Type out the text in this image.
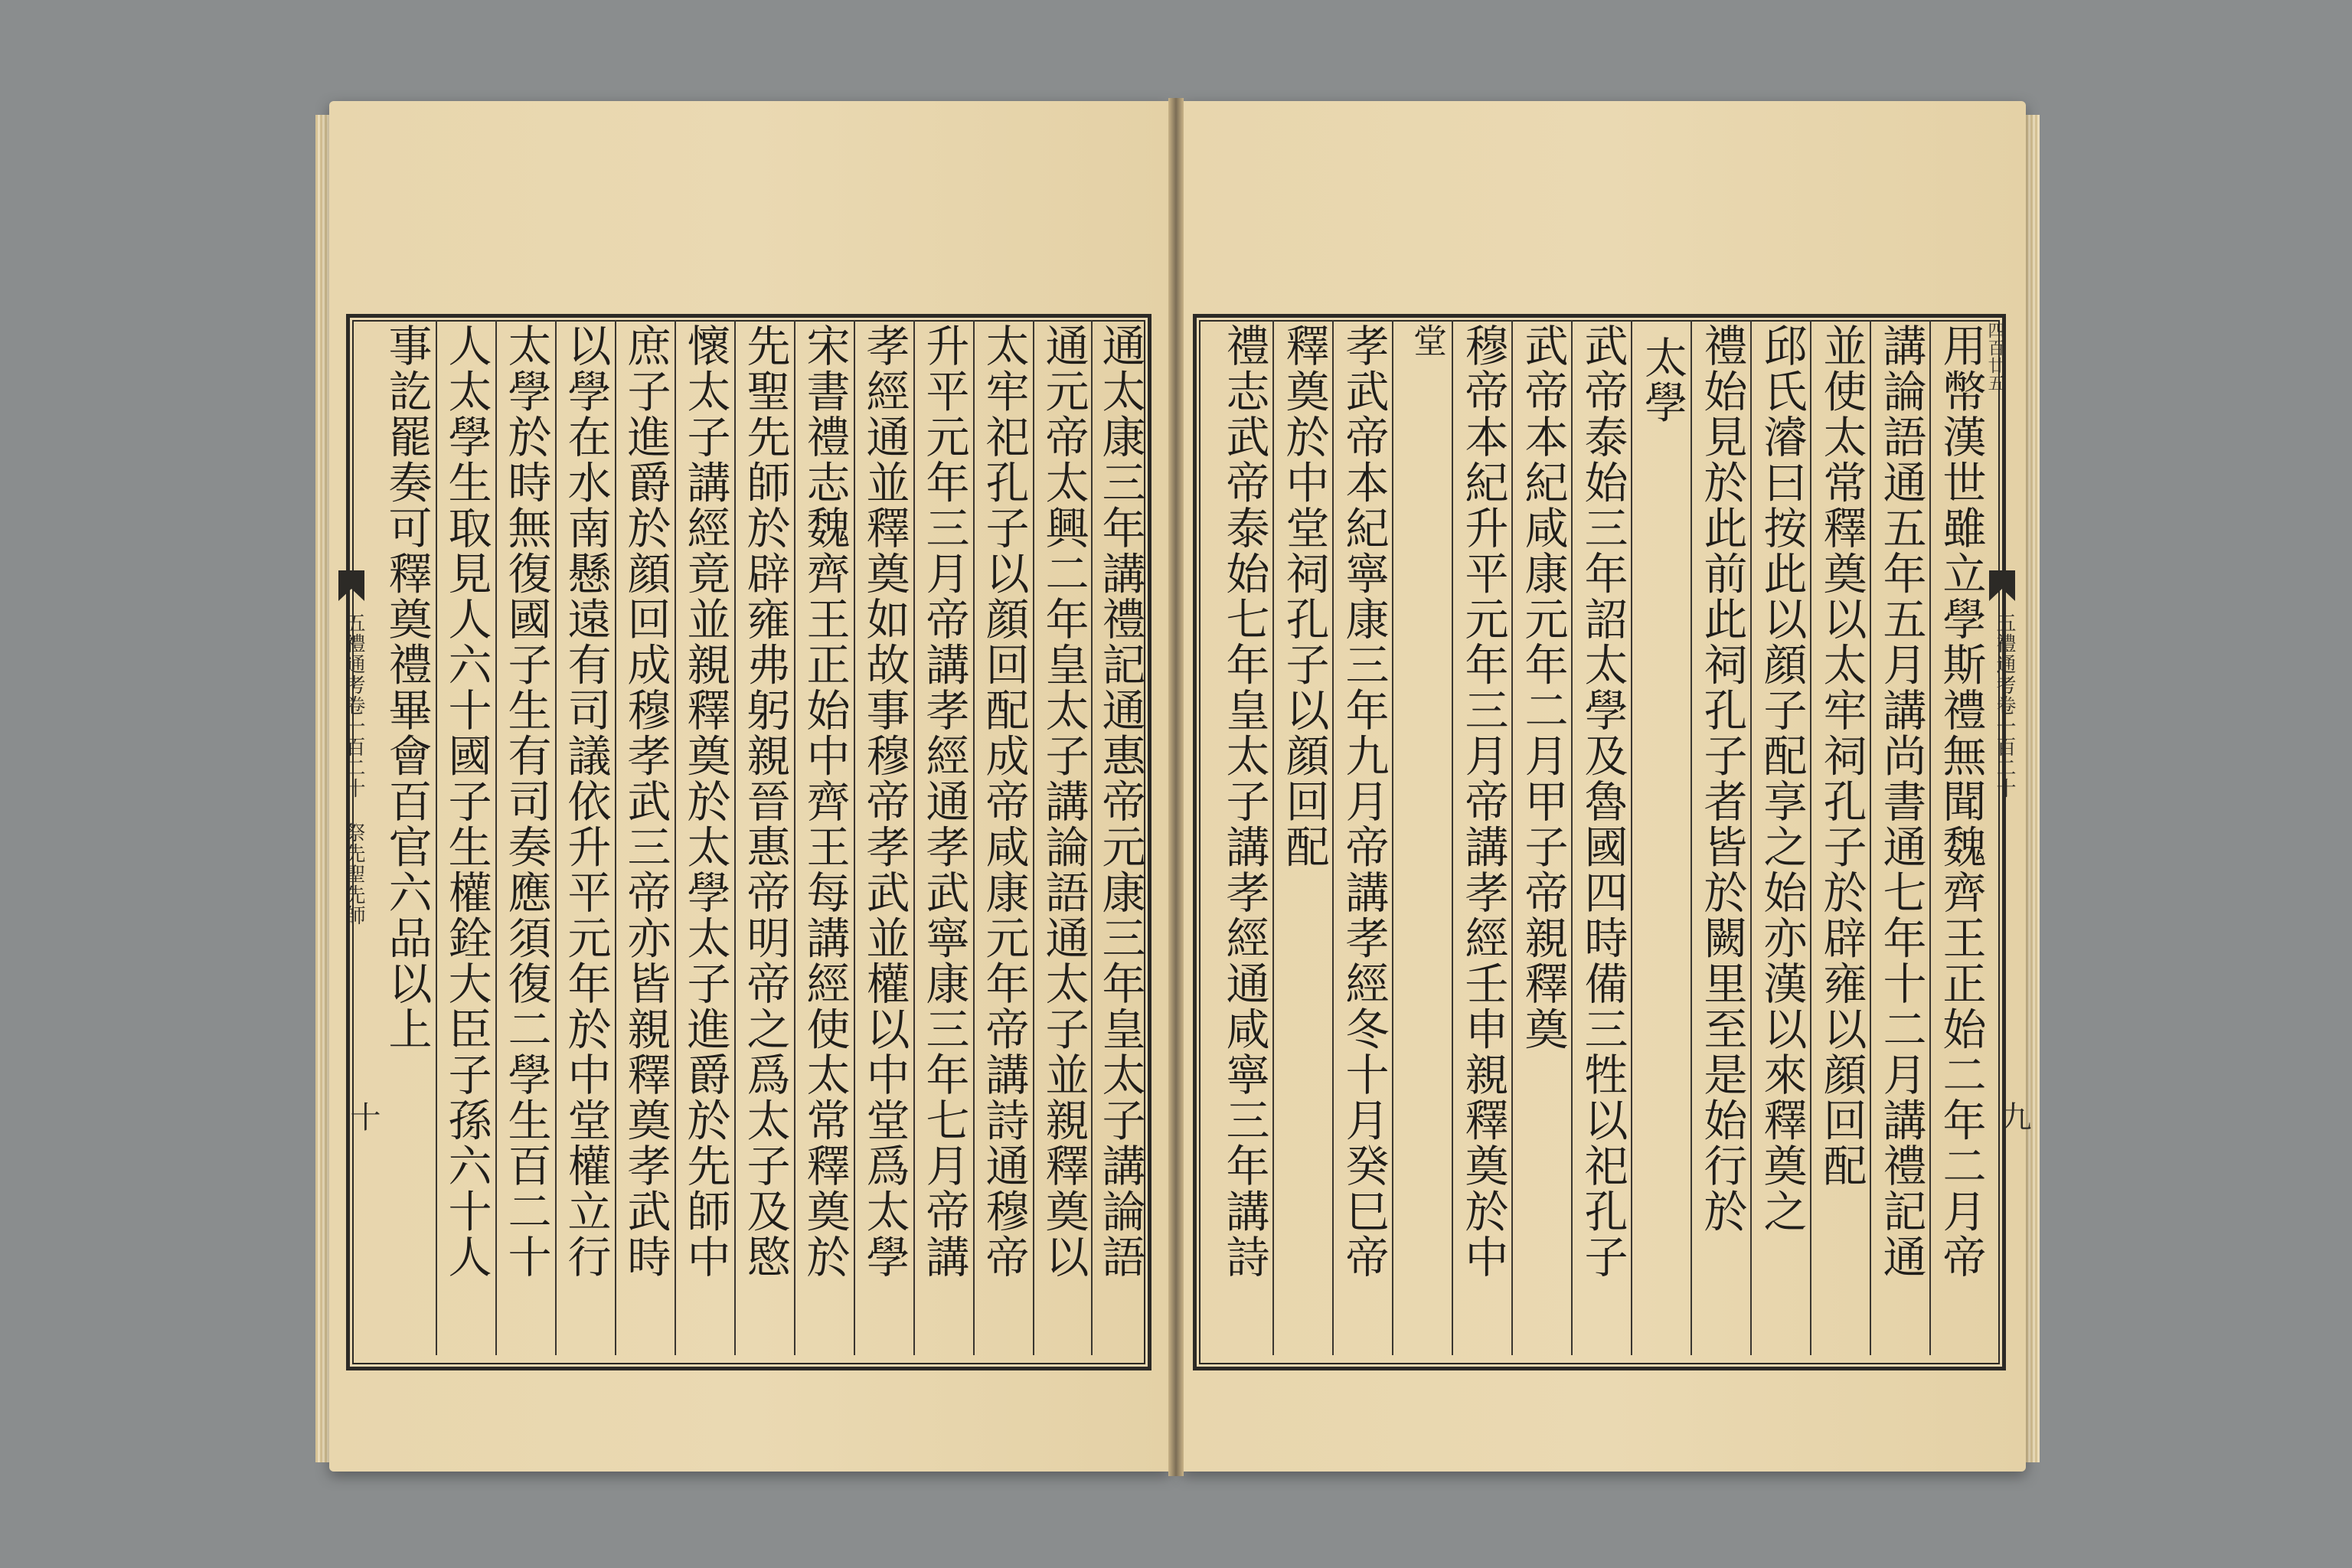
五禮通考卷一百二十 祭先聖先師
十
五禮通考卷一百二十
九
四百廿五
事訖罷奏可釋奠禮畢會百官六品以上 人太學生取見人六十國子生權銓大臣子孫六十人 太學於時無復國子生有司奏應須復二學生百二十 以學在水南懸遠有司議依升平元年於中堂權立行 庶子進爵於顔回成穆孝武三帝亦皆親釋奠孝武時 懷太子講經竟並親釋奠於太學太子進爵於先師中 先聖先師於辟雍弗躬親晉惠帝明帝之爲太子及愍 宋書禮志魏齊王正始中齊王每講經使太常釋奠於 孝經通並釋奠如故事穆帝孝武並權以中堂爲太學 升平元年三月帝講孝經通孝武寧康三年七月帝講 太牢祀孔子以顔回配成帝咸康元年帝講詩通穆帝 通元帝太興二年皇太子講論語通太子並親釋奠以 通太康三年講禮記通惠帝元康三年皇太子講論語	用幣漢世雖立學斯禮無聞魏齊王正始二年二月帝
講論語通五年五月講尚書通七年十二月講禮記通
並使太常釋奠以太牢祠孔子於辟雍以顔回配
邱氏濬曰按此以顔子配享之始亦漢以來釋奠之
禮始見於此前此祠孔子者皆於闕里至是始行於
太學
武帝泰始三年詔太學及魯國四時備三牲以祀孔子
武帝本紀咸康元年二月甲子帝親釋奠
穆帝本紀升平元年三月帝講孝經壬申親釋奠於中
堂
孝武帝本紀寧康三年九月帝講孝經冬十月癸巳帝
釋奠於中堂祠孔子以顔回配
禮志武帝泰始七年皇太子講孝經通咸寧三年講詩
